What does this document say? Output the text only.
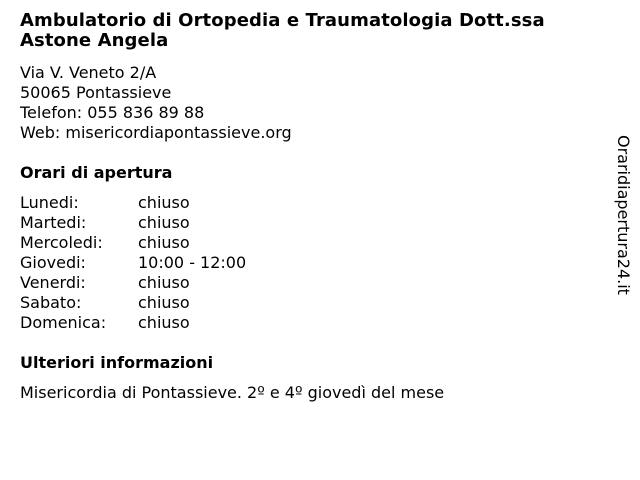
Ambulatorio di Ortopedia e Traumatologia Dott.ssa Astone Angela
Via V. Veneto 2/A
50065 Pontassieve
Telefon: 055 836 89 88
Web: misericordiapontassieve.org
Orari di apertura
Lunedi:	chiuso
Martedi:	chiuso
Mercoledi:	chiuso
Giovedi:	10:00 - 12:00
Venerdi:	chiuso
Sabato:	chiuso
Domenica:	chiuso
Ulteriori informazioni
Misericordia di Pontassieve. 2º e 4º giovedì del mese
Oraridiapertura24.it
